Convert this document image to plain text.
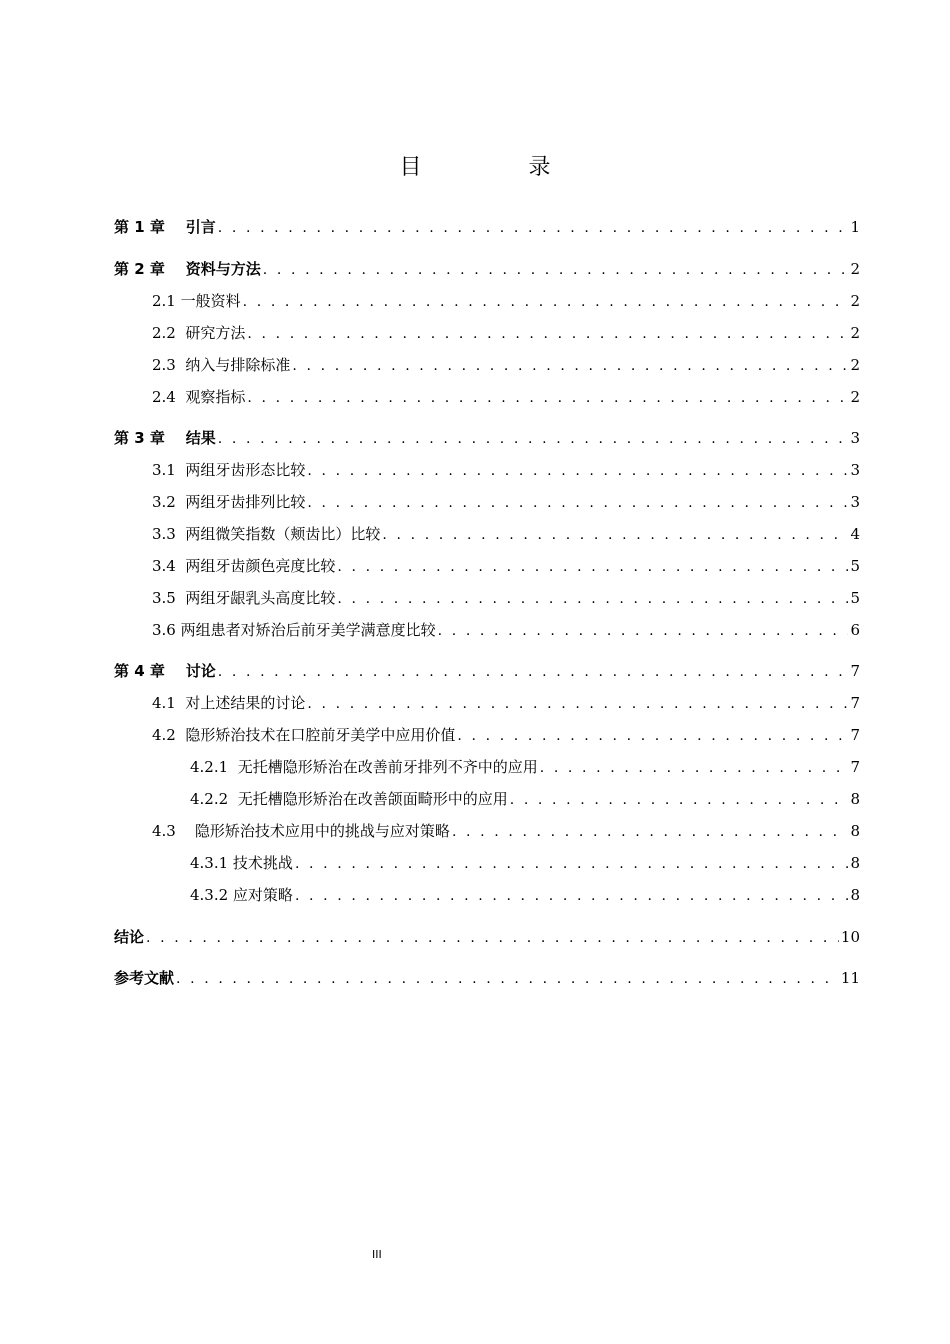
目 录
第 1 章    引言 . . .	1
第 2 章    资料与方法 . . .	2
2.1 一般资料 . . .	2
2.2  研究方法 . . .	2
2.3  纳入与排除标准 . . .	2
2.4  观察指标 . . .	2
第 3 章    结果 . . .	3
3.1  两组牙齿形态比较 . . .	3
3.2  两组牙齿排列比较 . . .	3
3.3  两组微笑指数（颊齿比）比较 . . .	4
3.4  两组牙齿颜色亮度比较 . . .	5
3.5  两组牙龈乳头高度比较 . . .	5
3.6 两组患者对矫治后前牙美学满意度比较 . . .	6
第 4 章    讨论 . . .	7
4.1  对上述结果的讨论 . . .	7
4.2  隐形矫治技术在口腔前牙美学中应用价值 . . .	7
4.2.1  无托槽隐形矫治在改善前牙排列不齐中的应用 . . .	7
4.2.2  无托槽隐形矫治在改善颌面畸形中的应用 . . .	8
4.3    隐形矫治技术应用中的挑战与应对策略 . . .	8
4.3.1 技术挑战 . . .	8
4.3.2 应对策略 . . .	8
结论 . . .	10
参考文献 . . .	11
III
